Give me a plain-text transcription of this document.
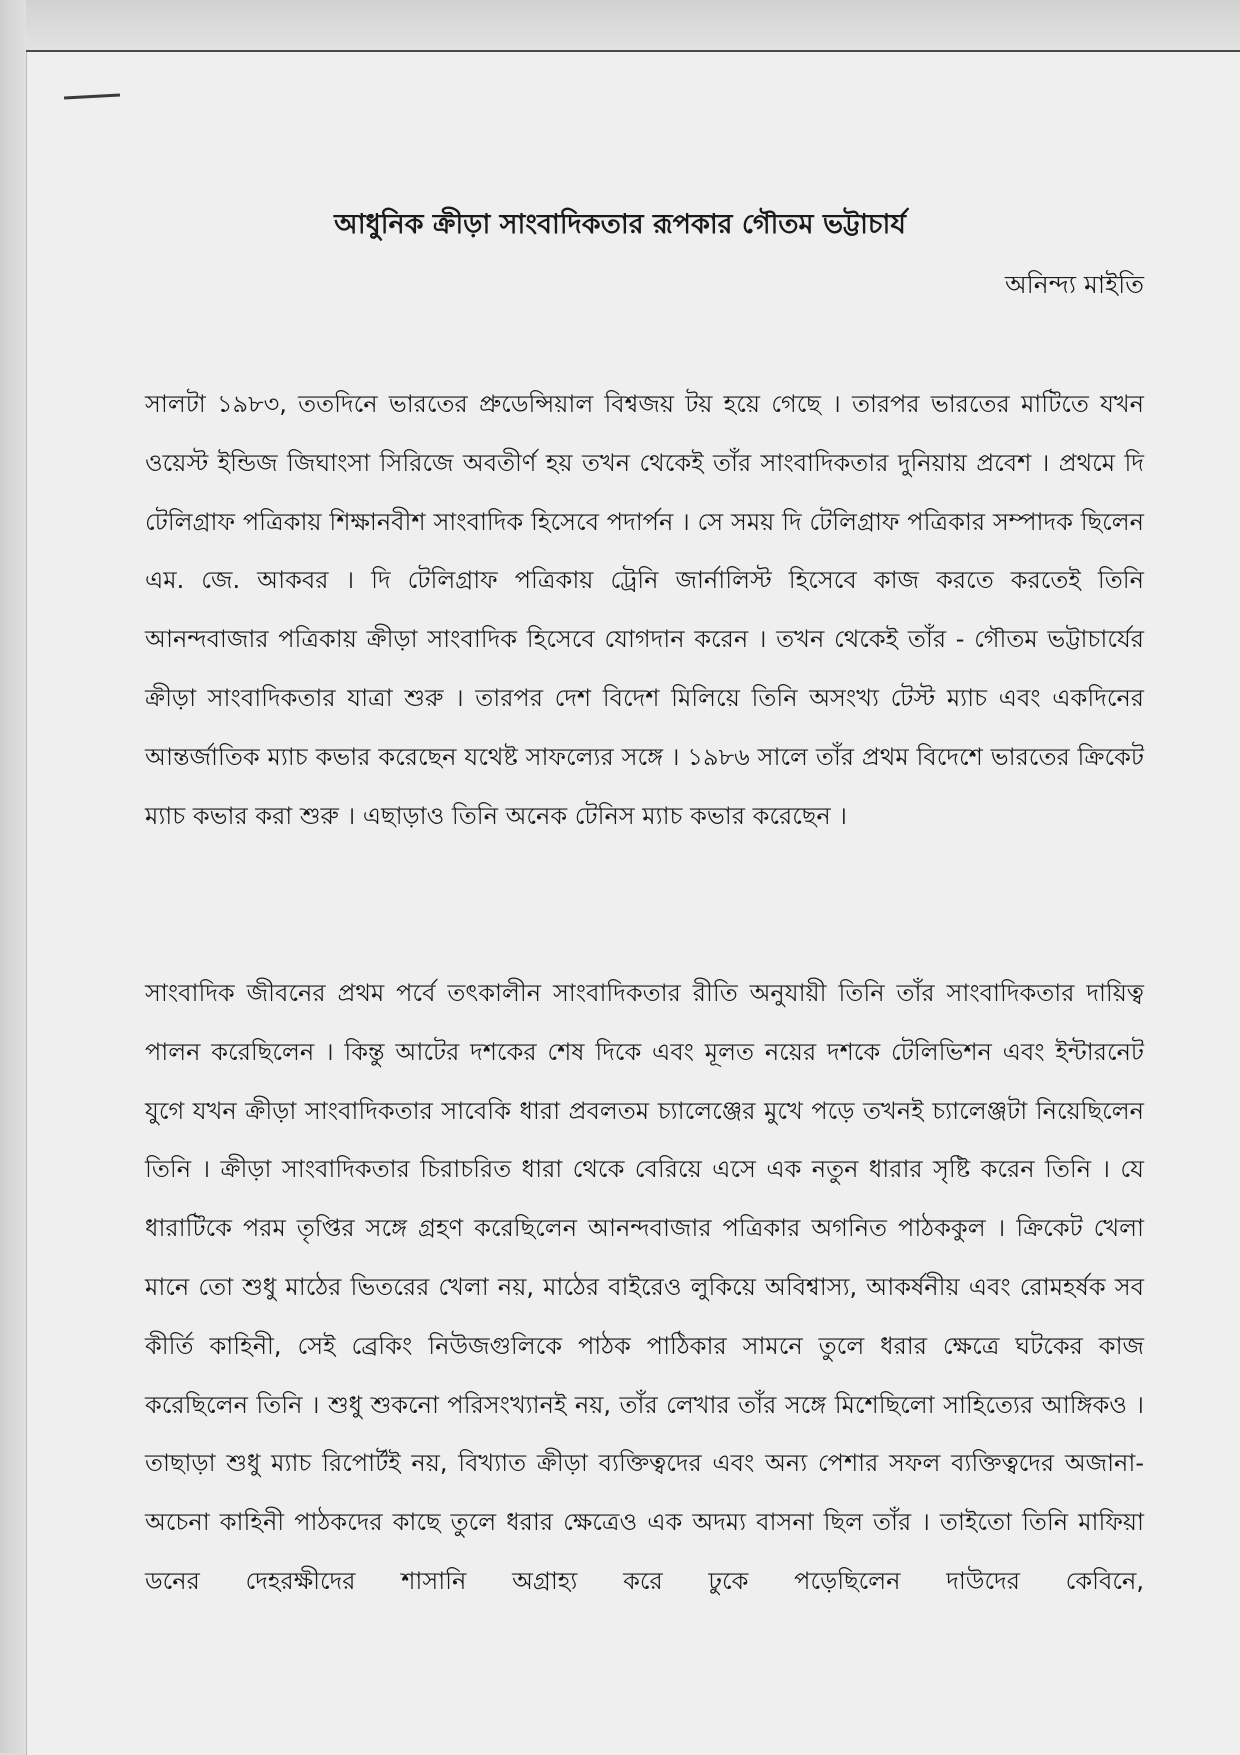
আধুনিক ক্রীড়া সাংবাদিকতার রূপকার গৌতম ভট্টাচার্য
অনিন্দ্য মাইতি

সালটা ১৯৮৩, ততদিনে ভারতের প্রুডেন্সিয়াল বিশ্বজয় টয় হয়ে গেছে । তারপর ভারতের মাটিতে যখন ওয়েস্ট ইন্ডিজ জিঘাংসা সিরিজে অবতীর্ণ হয় তখন থেকেই তাঁর সাংবাদিকতার দুনিয়ায় প্রবেশ । প্রথমে দি টেলিগ্রাফ পত্রিকায় শিক্ষানবীশ সাংবাদিক হিসেবে পদার্পন । সে সময় দি টেলিগ্রাফ পত্রিকার সম্পাদক ছিলেন এম. জে. আকবর । দি টেলিগ্রাফ পত্রিকায় ট্রেনি জার্নালিস্ট হিসেবে কাজ করতে করতেই তিনি আনন্দবাজার পত্রিকায় ক্রীড়া সাংবাদিক হিসেবে যোগদান করেন । তখন থেকেই তাঁর - গৌতম ভট্টাচার্যের ক্রীড়া সাংবাদিকতার যাত্রা শুরু । তারপর দেশ বিদেশ মিলিয়ে তিনি অসংখ্য টেস্ট ম্যাচ এবং একদিনের আন্তর্জাতিক ম্যাচ কভার করেছেন যথেষ্ট সাফল্যের সঙ্গে । ১৯৮৬ সালে তাঁর প্রথম বিদেশে ভারতের ক্রিকেট ম্যাচ কভার করা শুরু । এছাড়াও তিনি অনেক টেনিস ম্যাচ কভার করেছেন ।

সাংবাদিক জীবনের প্রথম পর্বে তৎকালীন সাংবাদিকতার রীতি অনুযায়ী তিনি তাঁর সাংবাদিকতার দায়িত্ব পালন করেছিলেন । কিন্তু আটের দশকের শেষ দিকে এবং মূলত নয়ের দশকে টেলিভিশন এবং ইন্টারনেট যুগে যখন ক্রীড়া সাংবাদিকতার সাবেকি ধারা প্রবলতম চ্যালেঞ্জের মুখে পড়ে তখনই চ্যালেঞ্জটা নিয়েছিলেন তিনি । ক্রীড়া সাংবাদিকতার চিরাচরিত ধারা থেকে বেরিয়ে এসে এক নতুন ধারার সৃষ্টি করেন তিনি । যে ধারাটিকে পরম তৃপ্তির সঙ্গে গ্রহণ করেছিলেন আনন্দবাজার পত্রিকার অগনিত পাঠককুল । ক্রিকেট খেলা মানে তো শুধু মাঠের ভিতরের খেলা নয়, মাঠের বাইরেও লুকিয়ে অবিশ্বাস্য, আকর্ষনীয় এবং রোমহর্ষক সব কীর্তি কাহিনী, সেই ব্রেকিং নিউজগুলিকে পাঠক পাঠিকার সামনে তুলে ধরার ক্ষেত্রে ঘটকের কাজ করেছিলেন তিনি । শুধু শুকনো পরিসংখ্যানই নয়, তাঁর লেখার তাঁর সঙ্গে মিশেছিলো সাহিত্যের আঙ্গিকও । তাছাড়া শুধু ম্যাচ রিপোর্টই নয়, বিখ্যাত ক্রীড়া ব্যক্তিত্বদের এবং অন্য পেশার সফল ব্যক্তিত্বদের অজানা-অচেনা কাহিনী পাঠকদের কাছে তুলে ধরার ক্ষেত্রেও এক অদম্য বাসনা ছিল তাঁর । তাইতো তিনি মাফিয়া ডনের দেহরক্ষীদের শাসানি অগ্রাহ্য করে ঢুকে পড়েছিলেন দাউদের কেবিনে,
